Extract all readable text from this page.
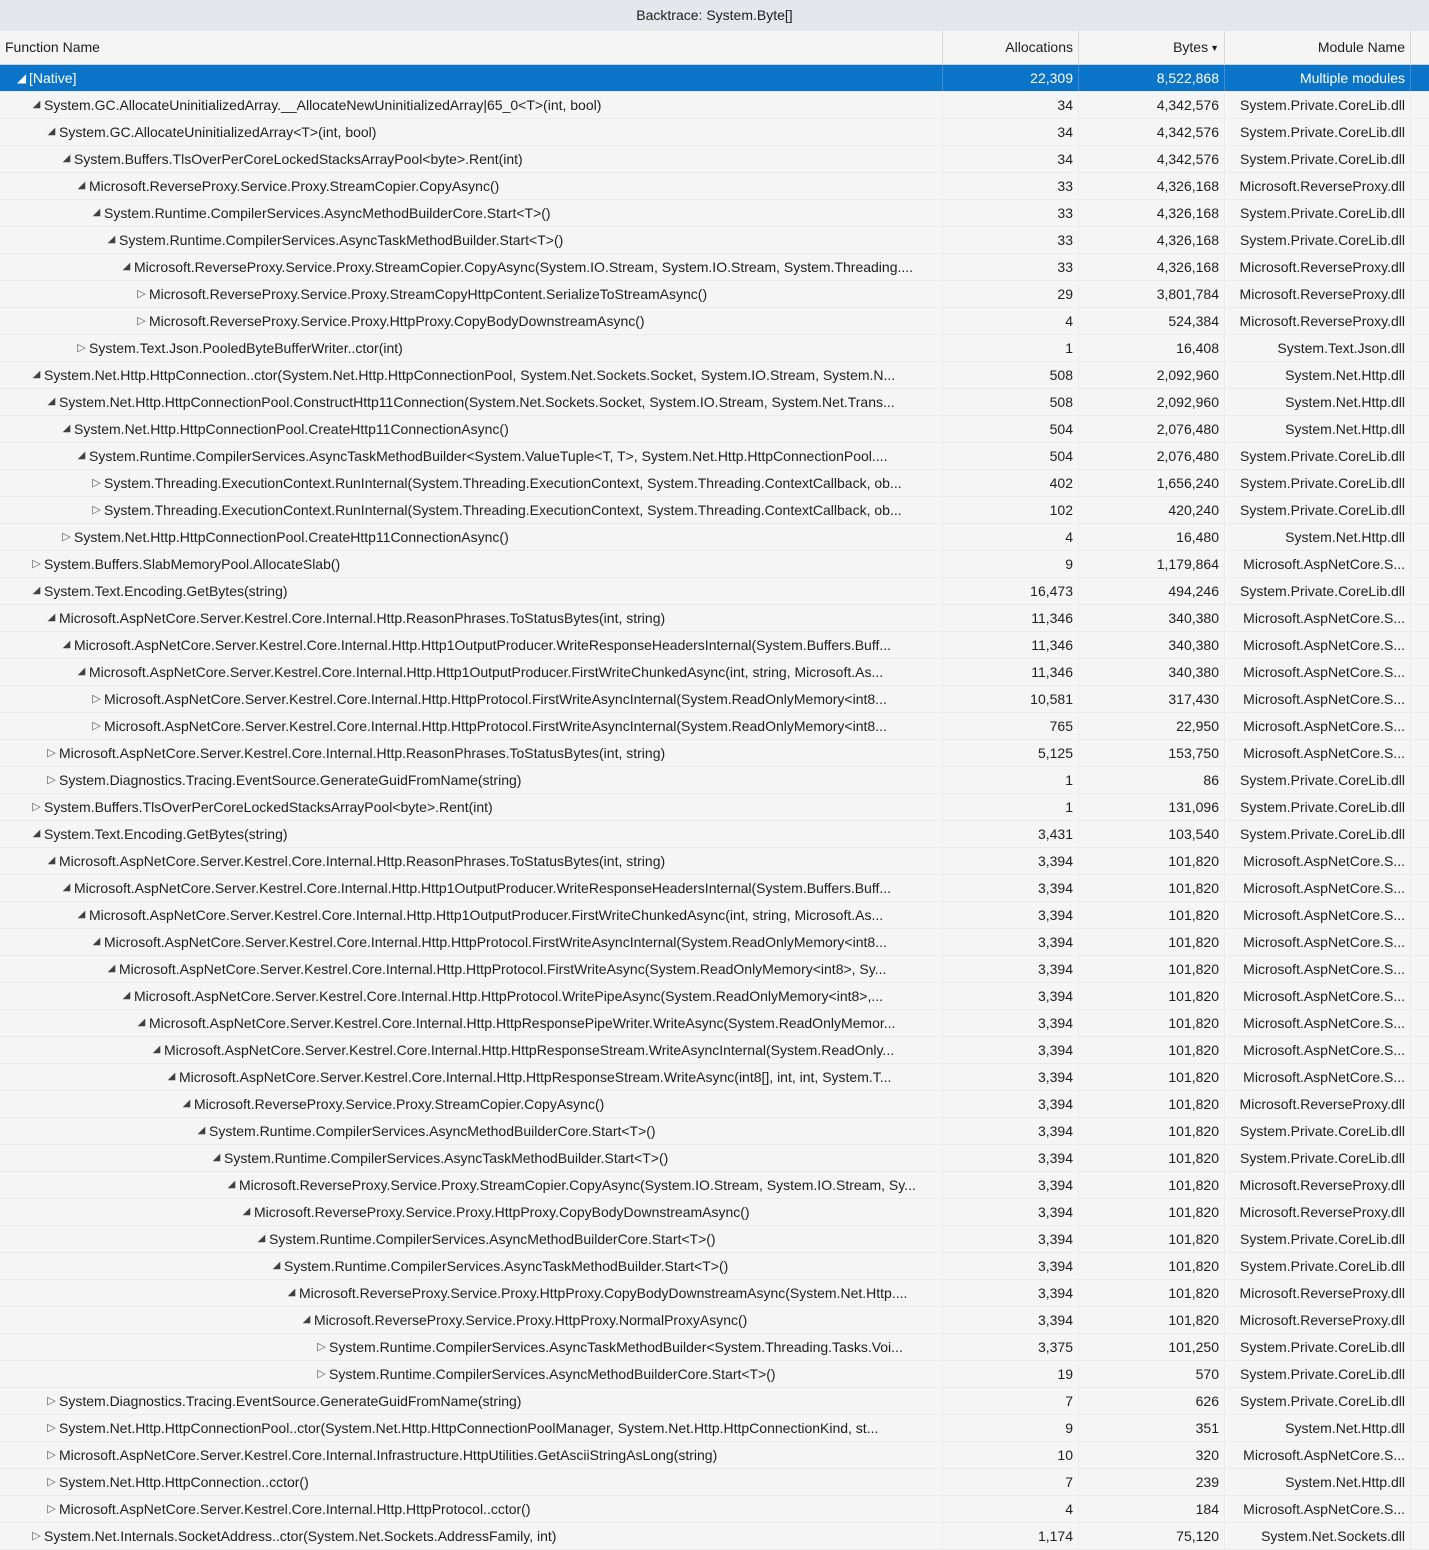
Backtrace: System.Byte[]
Function Name	Allocations	Bytes ▼	Module Name
◢ [Native]	22,309	8,522,868	Multiple modules
◢ System.GC.AllocateUninitializedArray.__AllocateNewUninitializedArray|65_0<T>(int, bool)	34	4,342,576	System.Private.CoreLib.dll
◢ System.GC.AllocateUninitializedArray<T>(int, bool)	34	4,342,576	System.Private.CoreLib.dll
◢ System.Buffers.TlsOverPerCoreLockedStacksArrayPool<byte>.Rent(int)	34	4,342,576	System.Private.CoreLib.dll
◢ Microsoft.ReverseProxy.Service.Proxy.StreamCopier.CopyAsync()	33	4,326,168	Microsoft.ReverseProxy.dll
◢ System.Runtime.CompilerServices.AsyncMethodBuilderCore.Start<T>()	33	4,326,168	System.Private.CoreLib.dll
◢ System.Runtime.CompilerServices.AsyncTaskMethodBuilder.Start<T>()	33	4,326,168	System.Private.CoreLib.dll
◢ Microsoft.ReverseProxy.Service.Proxy.StreamCopier.CopyAsync(System.IO.Stream, System.IO.Stream, System.Threading....	33	4,326,168	Microsoft.ReverseProxy.dll
▷ Microsoft.ReverseProxy.Service.Proxy.StreamCopyHttpContent.SerializeToStreamAsync()	29	3,801,784	Microsoft.ReverseProxy.dll
▷ Microsoft.ReverseProxy.Service.Proxy.HttpProxy.CopyBodyDownstreamAsync()	4	524,384	Microsoft.ReverseProxy.dll
▷ System.Text.Json.PooledByteBufferWriter..ctor(int)	1	16,408	System.Text.Json.dll
◢ System.Net.Http.HttpConnection..ctor(System.Net.Http.HttpConnectionPool, System.Net.Sockets.Socket, System.IO.Stream, System.N...	508	2,092,960	System.Net.Http.dll
◢ System.Net.Http.HttpConnectionPool.ConstructHttp11Connection(System.Net.Sockets.Socket, System.IO.Stream, System.Net.Trans...	508	2,092,960	System.Net.Http.dll
◢ System.Net.Http.HttpConnectionPool.CreateHttp11ConnectionAsync()	504	2,076,480	System.Net.Http.dll
◢ System.Runtime.CompilerServices.AsyncTaskMethodBuilder<System.ValueTuple<T, T>, System.Net.Http.HttpConnectionPool....	504	2,076,480	System.Private.CoreLib.dll
▷ System.Threading.ExecutionContext.RunInternal(System.Threading.ExecutionContext, System.Threading.ContextCallback, ob...	402	1,656,240	System.Private.CoreLib.dll
▷ System.Threading.ExecutionContext.RunInternal(System.Threading.ExecutionContext, System.Threading.ContextCallback, ob...	102	420,240	System.Private.CoreLib.dll
▷ System.Net.Http.HttpConnectionPool.CreateHttp11ConnectionAsync()	4	16,480	System.Net.Http.dll
▷ System.Buffers.SlabMemoryPool.AllocateSlab()	9	1,179,864	Microsoft.AspNetCore.S...
◢ System.Text.Encoding.GetBytes(string)	16,473	494,246	System.Private.CoreLib.dll
◢ Microsoft.AspNetCore.Server.Kestrel.Core.Internal.Http.ReasonPhrases.ToStatusBytes(int, string)	11,346	340,380	Microsoft.AspNetCore.S...
◢ Microsoft.AspNetCore.Server.Kestrel.Core.Internal.Http.Http1OutputProducer.WriteResponseHeadersInternal(System.Buffers.Buff...	11,346	340,380	Microsoft.AspNetCore.S...
◢ Microsoft.AspNetCore.Server.Kestrel.Core.Internal.Http.Http1OutputProducer.FirstWriteChunkedAsync(int, string, Microsoft.As...	11,346	340,380	Microsoft.AspNetCore.S...
▷ Microsoft.AspNetCore.Server.Kestrel.Core.Internal.Http.HttpProtocol.FirstWriteAsyncInternal(System.ReadOnlyMemory<int8...	10,581	317,430	Microsoft.AspNetCore.S...
▷ Microsoft.AspNetCore.Server.Kestrel.Core.Internal.Http.HttpProtocol.FirstWriteAsyncInternal(System.ReadOnlyMemory<int8...	765	22,950	Microsoft.AspNetCore.S...
▷ Microsoft.AspNetCore.Server.Kestrel.Core.Internal.Http.ReasonPhrases.ToStatusBytes(int, string)	5,125	153,750	Microsoft.AspNetCore.S...
▷ System.Diagnostics.Tracing.EventSource.GenerateGuidFromName(string)	1	86	System.Private.CoreLib.dll
▷ System.Buffers.TlsOverPerCoreLockedStacksArrayPool<byte>.Rent(int)	1	131,096	System.Private.CoreLib.dll
◢ System.Text.Encoding.GetBytes(string)	3,431	103,540	System.Private.CoreLib.dll
◢ Microsoft.AspNetCore.Server.Kestrel.Core.Internal.Http.ReasonPhrases.ToStatusBytes(int, string)	3,394	101,820	Microsoft.AspNetCore.S...
◢ Microsoft.AspNetCore.Server.Kestrel.Core.Internal.Http.Http1OutputProducer.WriteResponseHeadersInternal(System.Buffers.Buff...	3,394	101,820	Microsoft.AspNetCore.S...
◢ Microsoft.AspNetCore.Server.Kestrel.Core.Internal.Http.Http1OutputProducer.FirstWriteChunkedAsync(int, string, Microsoft.As...	3,394	101,820	Microsoft.AspNetCore.S...
◢ Microsoft.AspNetCore.Server.Kestrel.Core.Internal.Http.HttpProtocol.FirstWriteAsyncInternal(System.ReadOnlyMemory<int8...	3,394	101,820	Microsoft.AspNetCore.S...
◢ Microsoft.AspNetCore.Server.Kestrel.Core.Internal.Http.HttpProtocol.FirstWriteAsync(System.ReadOnlyMemory<int8>, Sy...	3,394	101,820	Microsoft.AspNetCore.S...
◢ Microsoft.AspNetCore.Server.Kestrel.Core.Internal.Http.HttpProtocol.WritePipeAsync(System.ReadOnlyMemory<int8>,...	3,394	101,820	Microsoft.AspNetCore.S...
◢ Microsoft.AspNetCore.Server.Kestrel.Core.Internal.Http.HttpResponsePipeWriter.WriteAsync(System.ReadOnlyMemor...	3,394	101,820	Microsoft.AspNetCore.S...
◢ Microsoft.AspNetCore.Server.Kestrel.Core.Internal.Http.HttpResponseStream.WriteAsyncInternal(System.ReadOnly...	3,394	101,820	Microsoft.AspNetCore.S...
◢ Microsoft.AspNetCore.Server.Kestrel.Core.Internal.Http.HttpResponseStream.WriteAsync(int8[], int, int, System.T...	3,394	101,820	Microsoft.AspNetCore.S...
◢ Microsoft.ReverseProxy.Service.Proxy.StreamCopier.CopyAsync()	3,394	101,820	Microsoft.ReverseProxy.dll
◢ System.Runtime.CompilerServices.AsyncMethodBuilderCore.Start<T>()	3,394	101,820	System.Private.CoreLib.dll
◢ System.Runtime.CompilerServices.AsyncTaskMethodBuilder.Start<T>()	3,394	101,820	System.Private.CoreLib.dll
◢ Microsoft.ReverseProxy.Service.Proxy.StreamCopier.CopyAsync(System.IO.Stream, System.IO.Stream, Sy...	3,394	101,820	Microsoft.ReverseProxy.dll
◢ Microsoft.ReverseProxy.Service.Proxy.HttpProxy.CopyBodyDownstreamAsync()	3,394	101,820	Microsoft.ReverseProxy.dll
◢ System.Runtime.CompilerServices.AsyncMethodBuilderCore.Start<T>()	3,394	101,820	System.Private.CoreLib.dll
◢ System.Runtime.CompilerServices.AsyncTaskMethodBuilder.Start<T>()	3,394	101,820	System.Private.CoreLib.dll
◢ Microsoft.ReverseProxy.Service.Proxy.HttpProxy.CopyBodyDownstreamAsync(System.Net.Http....	3,394	101,820	Microsoft.ReverseProxy.dll
◢ Microsoft.ReverseProxy.Service.Proxy.HttpProxy.NormalProxyAsync()	3,394	101,820	Microsoft.ReverseProxy.dll
▷ System.Runtime.CompilerServices.AsyncTaskMethodBuilder<System.Threading.Tasks.Voi...	3,375	101,250	System.Private.CoreLib.dll
▷ System.Runtime.CompilerServices.AsyncMethodBuilderCore.Start<T>()	19	570	System.Private.CoreLib.dll
▷ System.Diagnostics.Tracing.EventSource.GenerateGuidFromName(string)	7	626	System.Private.CoreLib.dll
▷ System.Net.Http.HttpConnectionPool..ctor(System.Net.Http.HttpConnectionPoolManager, System.Net.Http.HttpConnectionKind, st...	9	351	System.Net.Http.dll
▷ Microsoft.AspNetCore.Server.Kestrel.Core.Internal.Infrastructure.HttpUtilities.GetAsciiStringAsLong(string)	10	320	Microsoft.AspNetCore.S...
▷ System.Net.Http.HttpConnection..cctor()	7	239	System.Net.Http.dll
▷ Microsoft.AspNetCore.Server.Kestrel.Core.Internal.Http.HttpProtocol..cctor()	4	184	Microsoft.AspNetCore.S...
▷ System.Net.Internals.SocketAddress..ctor(System.Net.Sockets.AddressFamily, int)	1,174	75,120	System.Net.Sockets.dll
